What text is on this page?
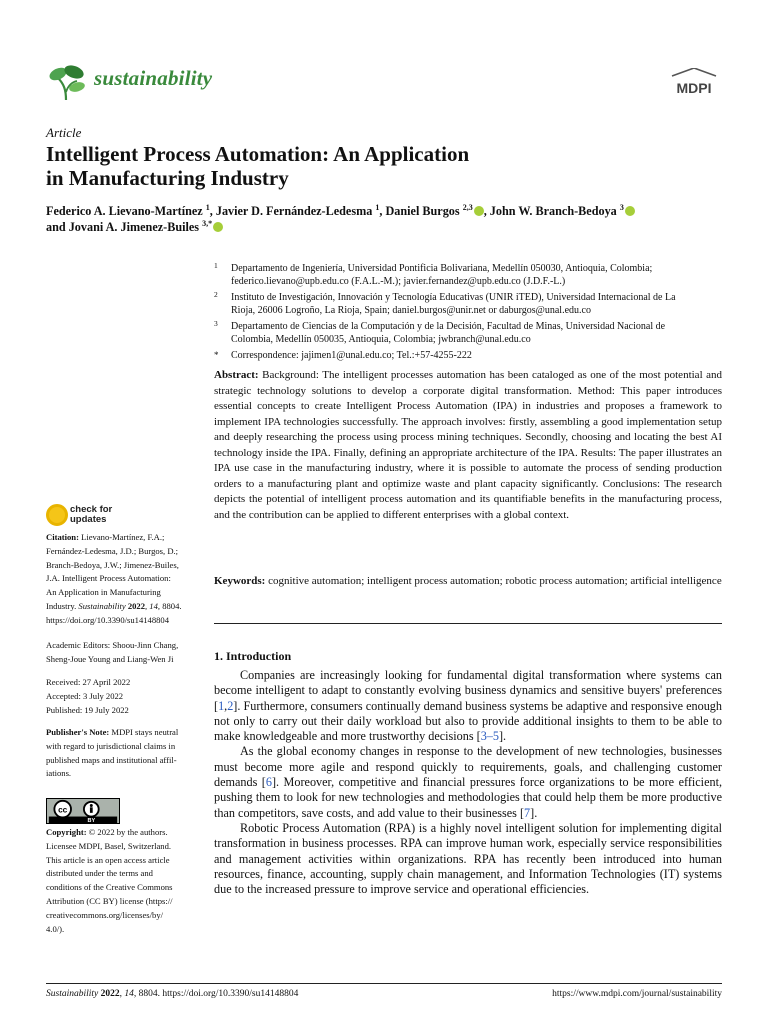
sustainability	MDPI
Article
Intelligent Process Automation: An Application
in Manufacturing Industry
Federico A. Lievano-Martínez $^1$, Javier D. Fernández-Ledesma $^1$, Daniel Burgos $^{2,3}$ , John W. Branch-Bedoya $^3$
and Jovani A. Jimenez-Builes $^{3,*}$
1 Departamento de Ingeniería, Universidad Pontificia Bolivariana, Medellín 050030, Antioquia, Colombia;
federico.lievano@upb.edu.co (F.A.L.-M.); javier.fernandez@upb.edu.co (J.D.F.-L.)
2 Instituto de Investigación, Innovación y Tecnología Educativas (UNIR iTED), Universidad Internacional de La
Rioja, 26006 Logroño, La Rioja, Spain; daniel.burgos@unir.net or daburgos@unal.edu.co
3 Departamento de Ciencias de la Computación y de la Decisión, Facultad de Minas, Universidad Nacional de
Colombia, Medellín 050035, Antioquia, Colombia; jwbranch@unal.edu.co
* Correspondence: jajimen1@unal.edu.co; Tel.:+57-4255-222
Abstract: Background: The intelligent processes automation has been cataloged as one of the most potential and strategic technology solutions to develop a corporate digital transformation. Method: This paper introduces essential concepts to create Intelligent Process Automation (IPA) in industries and proposes a framework to implement IPA technologies successfully. The approach involves: firstly, assembling a good implementation setup and deeply researching the process using process mining techniques. Secondly, choosing and locating the best AI technology inside the IPA. Finally, defining an appropriate architecture of the IPA. Results: The paper illustrates an IPA use case in the manufacturing industry, where it is possible to automate the process of sending production orders to a manufacturing plant and optimize waste and plant capacity significantly. Conclusions: The research depicts the potential of intelligent process automation and its quantifiable benefits in the manufacturing process, and the contribution can be applied to different enterprises with a global context.
Keywords: cognitive automation; intelligent process automation; robotic process automation; artificial intelligence
check for
updates
Citation: Lievano-Martínez, F.A.;
Fernández-Ledesma, J.D.; Burgos, D.;
Branch-Bedoya, J.W.; Jimenez-Builes,
J.A. Intelligent Process Automation:
An Application in Manufacturing
Industry. Sustainability 2022, 14, 8804.
https://doi.org/10.3390/su14148804
Academic Editors: Shoou-Jinn Chang,
Sheng-Joue Young and Liang-Wen Ji
Received: 27 April 2022
Accepted: 3 July 2022
Published: 19 July 2022
Publisher's Note: MDPI stays neutral
with regard to jurisdictional claims in
published maps and institutional affil-
iations.
cc
BY
Copyright: © 2022 by the authors.
Licensee MDPI, Basel, Switzerland.
This article is an open access article
distributed under the terms and
conditions of the Creative Commons
Attribution (CC BY) license (https://
creativecommons.org/licenses/by/
4.0/).
1. Introduction

Companies are increasingly looking for fundamental digital transformation where systems can become intelligent to adapt to constantly evolving business dynamics and sensitive buyers' preferences [1,2]. Furthermore, consumers continually demand business systems be adaptive and responsive enough not only to carry out their daily workload but also to provide additional insights to them to be able to make knowledgeable and more trustworthy decisions [3–5].

As the global economy changes in response to the development of new technologies, businesses must become more agile and respond quickly to requirements, goals, and challenging customer demands [6]. Moreover, competitive and financial pressures force organizations to be more efficient, pushing them to look for new technologies and methodologies that could help them be more productive than competitors, save costs, and add value to their businesses [7].

Robotic Process Automation (RPA) is a highly novel intelligent solution for implementing digital transformation in business processes. RPA can improve human work, especially service responsibilities and management activities within organizations. RPA has recently been introduced into human resources, finance, accounting, supply chain management, and Information Technologies (IT) systems due to the increased pressure to improve service and operational efficiencies.

Sustainability 2022, 14, 8804. https://doi.org/10.3390/su14148804	https://www.mdpi.com/journal/sustainability
